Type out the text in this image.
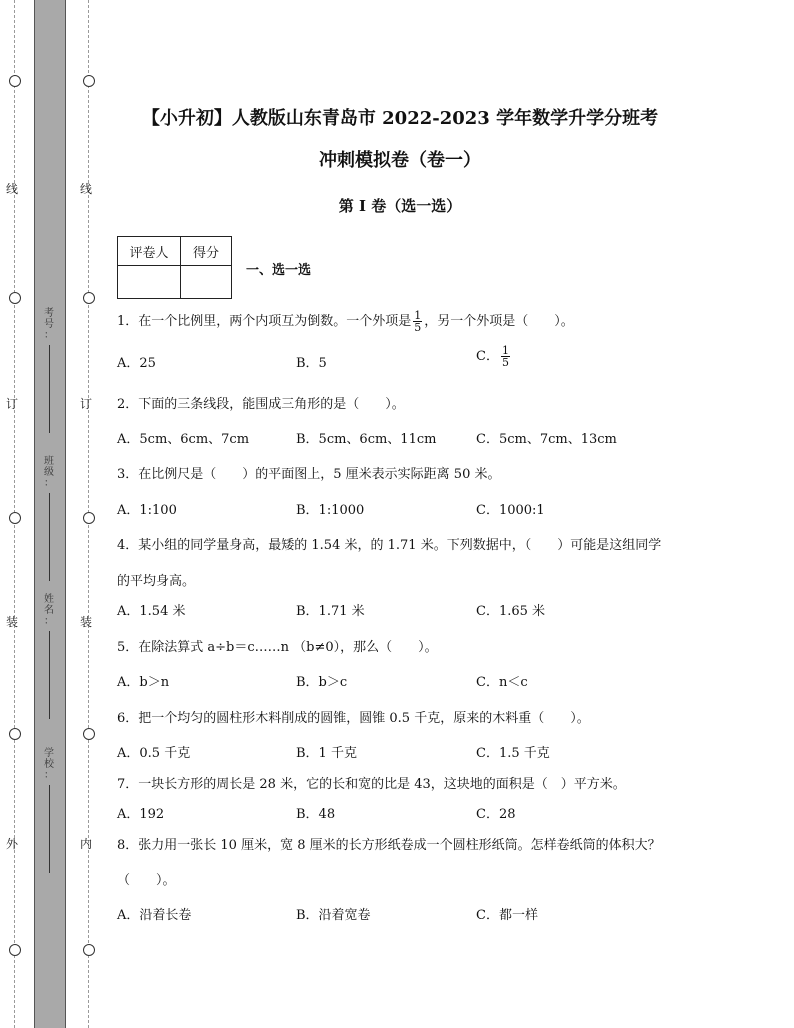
线
订
装
外
线
订
装
内
考
号
：
班
级
：
姓
名
：
学
校
：
【小升初】人教版山东青岛市 2022-2023 学年数学升学分班考
冲刺模拟卷（卷一）
第 I 卷（选一选）
评卷人	得分

一、选一选
1．在一个比例里，两个内项互为倒数。一个外项是 $\frac{1}{5}$ ，另一个外项是（　　）。
A．25	B．5	C． $\frac{1}{5}$
2．下面的三条线段，能围成三角形的是（　　）。
A．5cm、6cm、7cm	B．5cm、6cm、11cm	C．5cm、7cm、13cm
3．在比例尺是（　　）的平面图上，5 厘米表示实际距离 50 米。
A．1:100	B．1:1000	C．1000:1
4．某小组的同学量身高，最矮的 1.54 米，的 1.71 米。下列数据中，（　　）可能是这组同学
的平均身高。
A．1.54 米	B．1.71 米	C．1.65 米
5．在除法算式 a÷b＝c……n （b≠0），那么（　　）。
A．b＞n	B．b＞c	C．n＜c
6．把一个均匀的圆柱形木料削成的圆锥，圆锥 0.5 千克，原来的木料重（　　）。
A．0.5 千克	B．1 千克	C．1.5 千克
7．一块长方形的周长是 28 米，它的长和宽的比是 43，这块地的面积是（　）平方米。
A．192	B．48	C．28
8．张力用一张长 10 厘米，宽 8 厘米的长方形纸卷成一个圆柱形纸筒。怎样卷纸筒的体积大？
（　　）。
A．沿着长卷	B．沿着宽卷	C．都一样
